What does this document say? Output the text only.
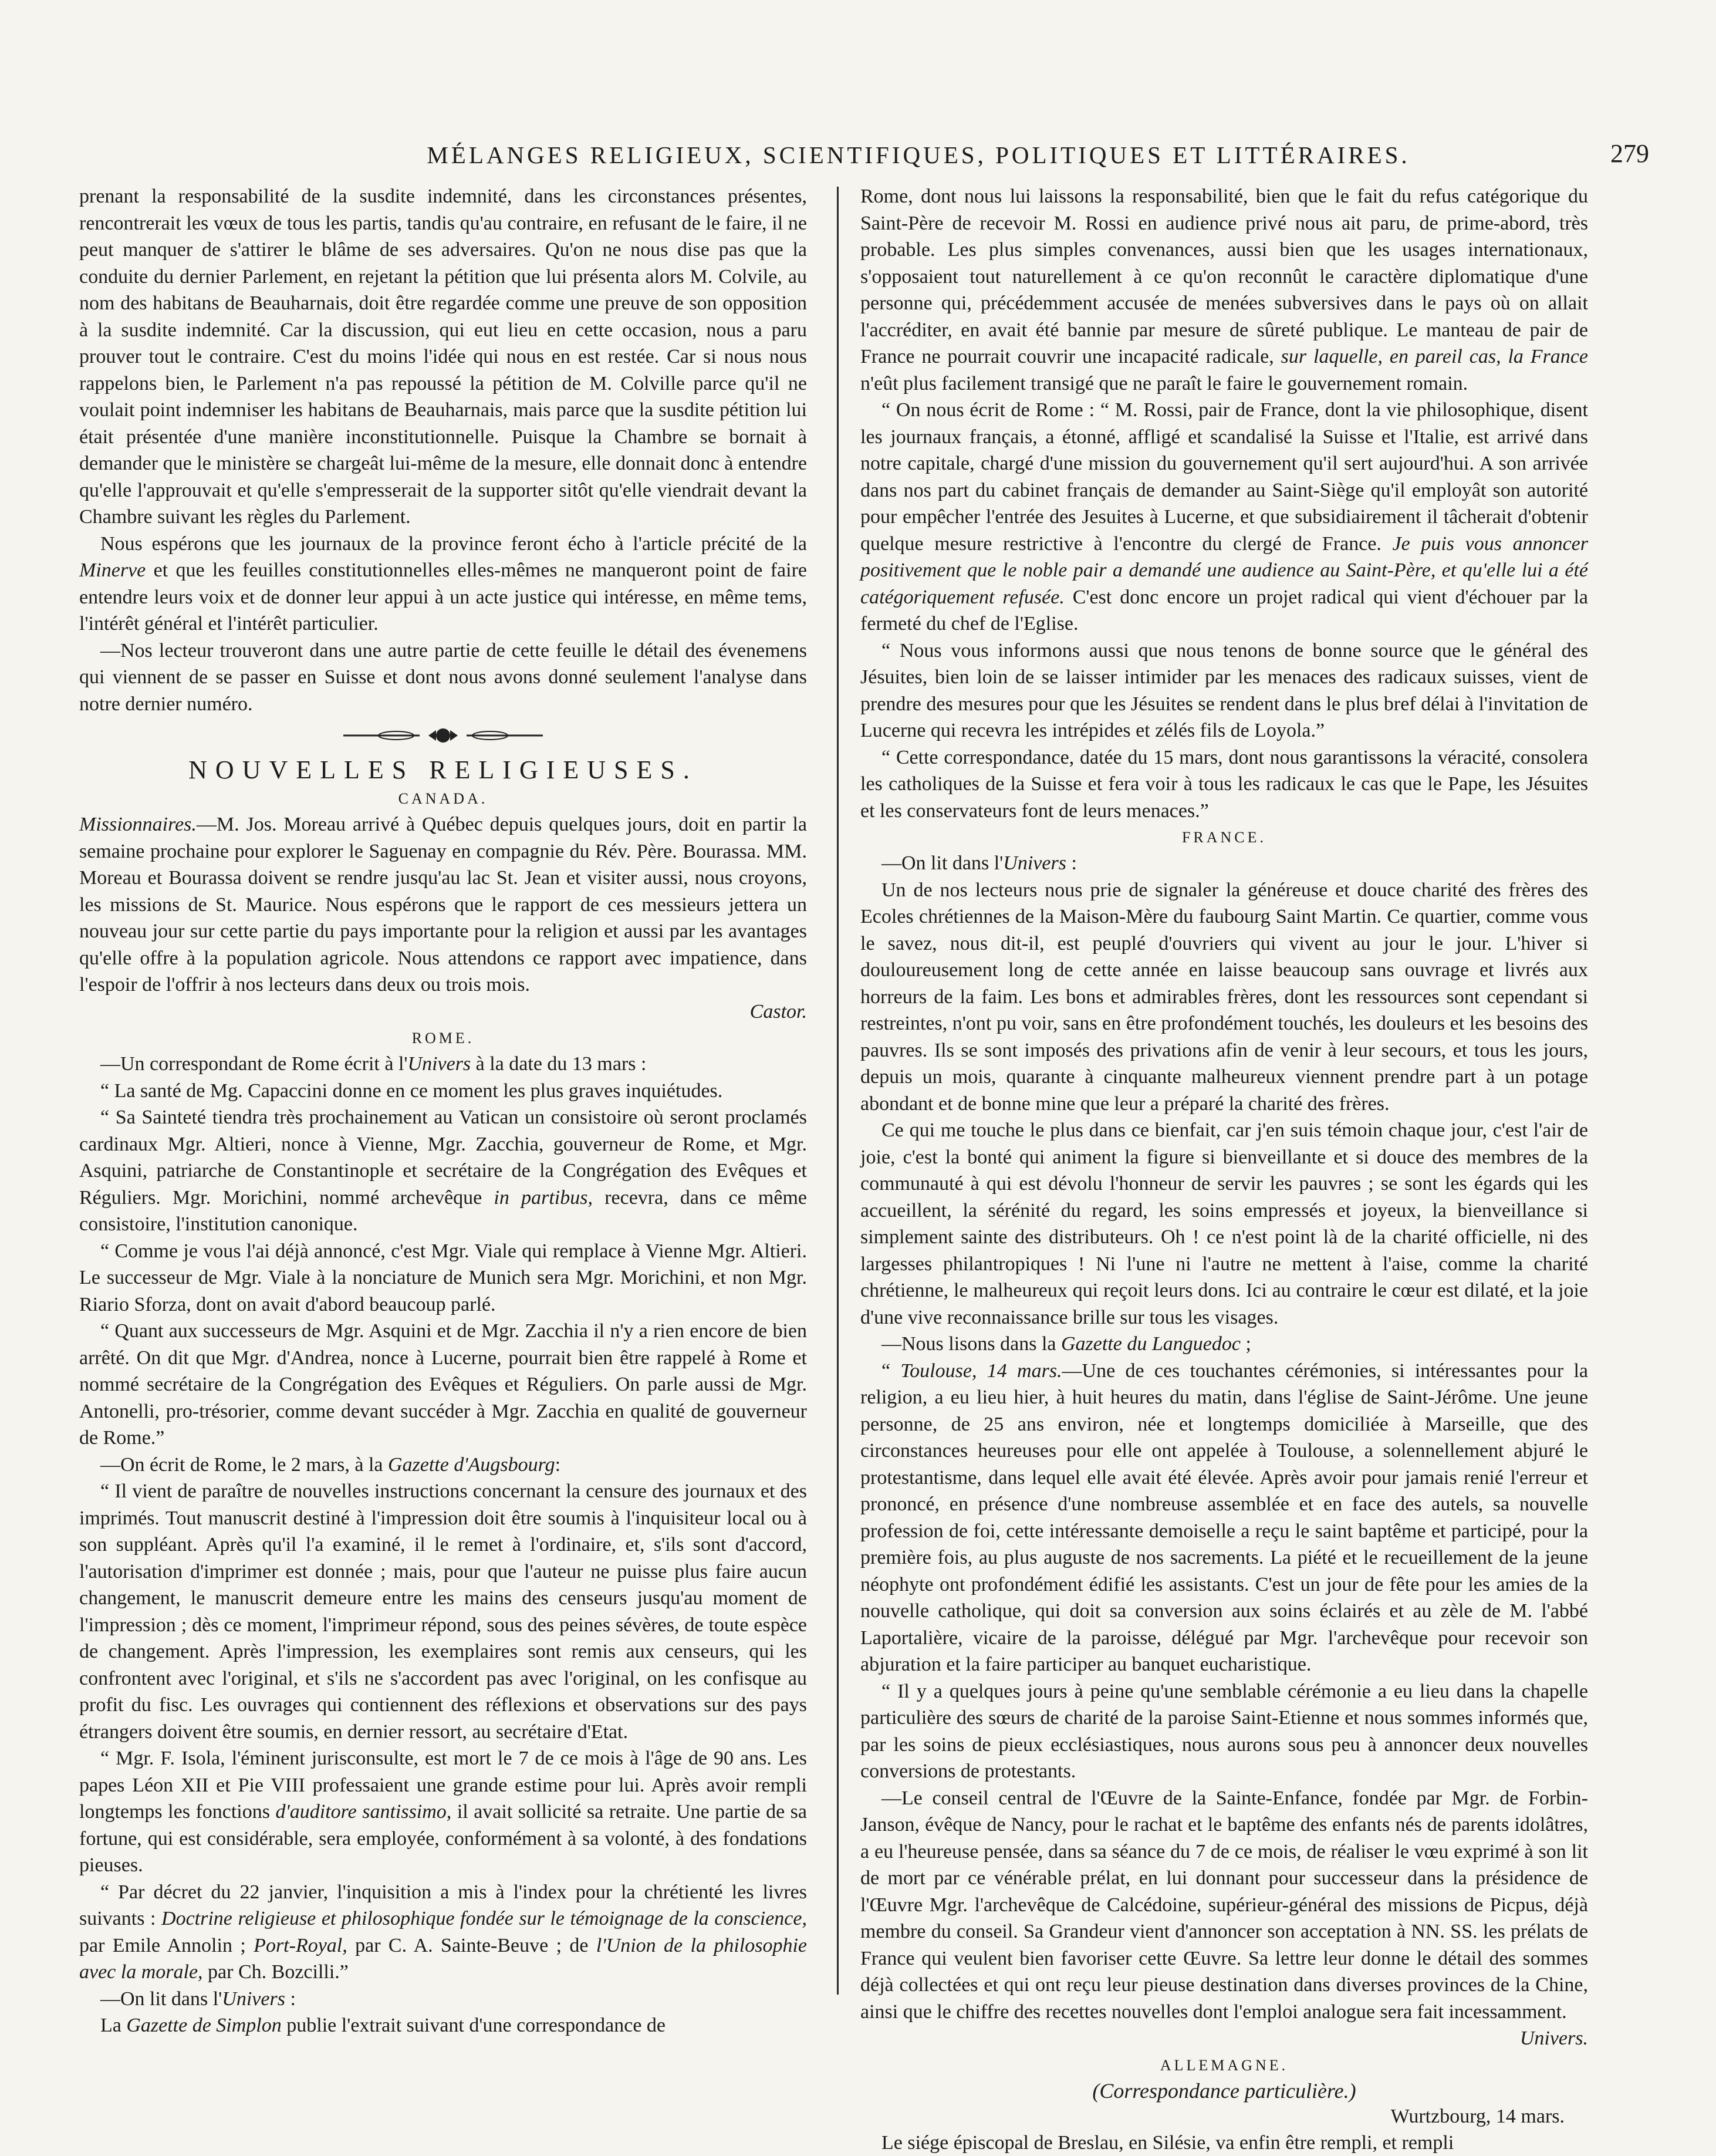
MÉLANGES RELIGIEUX, SCIENTIFIQUES, POLITIQUES ET LITTÉRAIRES.	279

prenant la responsabilité de la susdite indemnité, dans les circonstances présentes, rencontrerait les vœux de tous les partis, tandis qu'au contraire, en refusant de le faire, il ne peut manquer de s'attirer le blâme de ses adversaires. Qu'on ne nous dise pas que la conduite du dernier Parlement, en rejetant la pétition que lui présenta alors M. Colvile, au nom des habitans de Beauharnais, doit être regardée comme une preuve de son opposition à la susdite indemnité. Car la discussion, qui eut lieu en cette occasion, nous a paru prouver tout le contraire. C'est du moins l'idée qui nous en est restée. Car si nous nous rappelons bien, le Parlement n'a pas repoussé la pétition de M. Colville parce qu'il ne voulait point indemniser les habitans de Beauharnais, mais parce que la susdite pétition lui était présentée d'une manière inconstitutionnelle. Puisque la Chambre se bornait à demander que le ministère se chargeât lui-même de la mesure, elle donnait donc à entendre qu'elle l'approuvait et qu'elle s'empresserait de la supporter sitôt qu'elle viendrait devant la Chambre suivant les règles du Parlement.

Nous espérons que les journaux de la province feront écho à l'article précité de la Minerve et que les feuilles constitutionnelles elles-mêmes ne manqueront point de faire entendre leurs voix et de donner leur appui à un acte justice qui intéresse, en même tems, l'intérêt général et l'intérêt particulier.

—Nos lecteur trouveront dans une autre partie de cette feuille le détail des évenemens qui viennent de se passer en Suisse et dont nous avons donné seulement l'analyse dans notre dernier numéro.

NOUVELLES RELIGIEUSES.
CANADA.

Missionnaires.—M. Jos. Moreau arrivé à Québec depuis quelques jours, doit en partir la semaine prochaine pour explorer le Saguenay en compagnie du Rév. Père. Bourassa. MM. Moreau et Bourassa doivent se rendre jusqu'au lac St. Jean et visiter aussi, nous croyons, les missions de St. Maurice. Nous espérons que le rapport de ces messieurs jettera un nouveau jour sur cette partie du pays importante pour la religion et aussi par les avantages qu'elle offre à la population agricole. Nous attendons ce rapport avec impatience, dans l'espoir de l'offrir à nos lecteurs dans deux ou trois mois.

Castor.

ROME.

—Un correspondant de Rome écrit à l'Univers à la date du 13 mars :

“ La santé de Mg. Capaccini donne en ce moment les plus graves inquiétudes.

“ Sa Sainteté tiendra très prochainement au Vatican un consistoire où seront proclamés cardinaux Mgr. Altieri, nonce à Vienne, Mgr. Zacchia, gouverneur de Rome, et Mgr. Asquini, patriarche de Constantinople et secrétaire de la Congrégation des Evêques et Réguliers. Mgr. Morichini, nommé archevêque in partibus, recevra, dans ce même consistoire, l'institution canonique.

“ Comme je vous l'ai déjà annoncé, c'est Mgr. Viale qui remplace à Vienne Mgr. Altieri. Le successeur de Mgr. Viale à la nonciature de Munich sera Mgr. Morichini, et non Mgr. Riario Sforza, dont on avait d'abord beaucoup parlé.

“ Quant aux successeurs de Mgr. Asquini et de Mgr. Zacchia il n'y a rien encore de bien arrêté. On dit que Mgr. d'Andrea, nonce à Lucerne, pourrait bien être rappelé à Rome et nommé secrétaire de la Congrégation des Evêques et Réguliers. On parle aussi de Mgr. Antonelli, pro-trésorier, comme devant succéder à Mgr. Zacchia en qualité de gouverneur de Rome.”

—On écrit de Rome, le 2 mars, à la Gazette d'Augsbourg:

“ Il vient de paraître de nouvelles instructions concernant la censure des journaux et des imprimés. Tout manuscrit destiné à l'impression doit être soumis à l'inquisiteur local ou à son suppléant. Après qu'il l'a examiné, il le remet à l'ordinaire, et, s'ils sont d'accord, l'autorisation d'imprimer est donnée ; mais, pour que l'auteur ne puisse plus faire aucun changement, le manuscrit demeure entre les mains des censeurs jusqu'au moment de l'impression ; dès ce moment, l'imprimeur répond, sous des peines sévères, de toute espèce de changement. Après l'impression, les exemplaires sont remis aux censeurs, qui les confrontent avec l'original, et s'ils ne s'accordent pas avec l'original, on les confisque au profit du fisc. Les ouvrages qui contiennent des réflexions et observations sur des pays étrangers doivent être soumis, en dernier ressort, au secrétaire d'Etat.

“ Mgr. F. Isola, l'éminent jurisconsulte, est mort le 7 de ce mois à l'âge de 90 ans. Les papes Léon XII et Pie VIII professaient une grande estime pour lui. Après avoir rempli longtemps les fonctions d'auditore santissimo, il avait sollicité sa retraite. Une partie de sa fortune, qui est considérable, sera employée, conformément à sa volonté, à des fondations pieuses.

“ Par décret du 22 janvier, l'inquisition a mis à l'index pour la chrétienté les livres suivants : Doctrine religieuse et philosophique fondée sur le témoignage de la conscience, par Emile Annolin ; Port-Royal, par C. A. Sainte-Beuve ; de l'Union de la philosophie avec la morale, par Ch. Bozcilli.”

—On lit dans l'Univers :

La Gazette de Simplon publie l'extrait suivant d'une correspondance de

Rome, dont nous lui laissons la responsabilité, bien que le fait du refus catégorique du Saint-Père de recevoir M. Rossi en audience privé nous ait paru, de prime-abord, très probable. Les plus simples convenances, aussi bien que les usages internationaux, s'opposaient tout naturellement à ce qu'on reconnût le caractère diplomatique d'une personne qui, précédemment accusée de menées subversives dans le pays où on allait l'accréditer, en avait été bannie par mesure de sûreté publique. Le manteau de pair de France ne pourrait couvrir une incapacité radicale, sur laquelle, en pareil cas, la France n'eût plus facilement transigé que ne paraît le faire le gouvernement romain.

“ On nous écrit de Rome : “ M. Rossi, pair de France, dont la vie philosophique, disent les journaux français, a étonné, affligé et scandalisé la Suisse et l'Italie, est arrivé dans notre capitale, chargé d'une mission du gouvernement qu'il sert aujourd'hui. A son arrivée dans nos part du cabinet français de demander au Saint-Siège qu'il employât son autorité pour empêcher l'entrée des Jesuites à Lucerne, et que subsidiairement il tâcherait d'obtenir quelque mesure restrictive à l'encontre du clergé de France. Je puis vous annoncer positivement que le noble pair a demandé une audience au Saint-Père, et qu'elle lui a été catégoriquement refusée. C'est donc encore un projet radical qui vient d'échouer par la fermeté du chef de l'Eglise.

“ Nous vous informons aussi que nous tenons de bonne source que le général des Jésuites, bien loin de se laisser intimider par les menaces des radicaux suisses, vient de prendre des mesures pour que les Jésuites se rendent dans le plus bref délai à l'invitation de Lucerne qui recevra les intrépides et zélés fils de Loyola.”

“ Cette correspondance, datée du 15 mars, dont nous garantissons la véracité, consolera les catholiques de la Suisse et fera voir à tous les radicaux le cas que le Pape, les Jésuites et les conservateurs font de leurs menaces.”

FRANCE.

—On lit dans l'Univers :

Un de nos lecteurs nous prie de signaler la généreuse et douce charité des frères des Ecoles chrétiennes de la Maison-Mère du faubourg Saint Martin. Ce quartier, comme vous le savez, nous dit-il, est peuplé d'ouvriers qui vivent au jour le jour. L'hiver si douloureusement long de cette année en laisse beaucoup sans ouvrage et livrés aux horreurs de la faim. Les bons et admirables frères, dont les ressources sont cependant si restreintes, n'ont pu voir, sans en être profondément touchés, les douleurs et les besoins des pauvres. Ils se sont imposés des privations afin de venir à leur secours, et tous les jours, depuis un mois, quarante à cinquante malheureux viennent prendre part à un potage abondant et de bonne mine que leur a préparé la charité des frères.

Ce qui me touche le plus dans ce bienfait, car j'en suis témoin chaque jour, c'est l'air de joie, c'est la bonté qui animent la figure si bienveillante et si douce des membres de la communauté à qui est dévolu l'honneur de servir les pauvres ; se sont les égards qui les accueillent, la sérénité du regard, les soins empressés et joyeux, la bienveillance si simplement sainte des distributeurs. Oh ! ce n'est point là de la charité officielle, ni des largesses philantropiques ! Ni l'une ni l'autre ne mettent à l'aise, comme la charité chrétienne, le malheureux qui reçoit leurs dons. Ici au contraire le cœur est dilaté, et la joie d'une vive reconnaissance brille sur tous les visages.

—Nous lisons dans la Gazette du Languedoc ;

“ Toulouse, 14 mars.—Une de ces touchantes cérémonies, si intéressantes pour la religion, a eu lieu hier, à huit heures du matin, dans l'église de Saint-Jérôme. Une jeune personne, de 25 ans environ, née et longtemps domiciliée à Marseille, que des circonstances heureuses pour elle ont appelée à Toulouse, a solennellement abjuré le protestantisme, dans lequel elle avait été élevée. Après avoir pour jamais renié l'erreur et prononcé, en présence d'une nombreuse assemblée et en face des autels, sa nouvelle profession de foi, cette intéressante demoiselle a reçu le saint baptême et participé, pour la première fois, au plus auguste de nos sacrements. La piété et le recueillement de la jeune néophyte ont profondément édifié les assistants. C'est un jour de fête pour les amies de la nouvelle catholique, qui doit sa conversion aux soins éclairés et au zèle de M. l'abbé Laportalière, vicaire de la paroisse, délégué par Mgr. l'archevêque pour recevoir son abjuration et la faire participer au banquet eucharistique.

“ Il y a quelques jours à peine qu'une semblable cérémonie a eu lieu dans la chapelle particulière des sœurs de charité de la paroise Saint-Etienne et nous sommes informés que, par les soins de pieux ecclésiastiques, nous aurons sous peu à annoncer deux nouvelles conversions de protestants.

—Le conseil central de l'Œuvre de la Sainte-Enfance, fondée par Mgr. de Forbin-Janson, évêque de Nancy, pour le rachat et le baptême des enfants nés de parents idolâtres, a eu l'heureuse pensée, dans sa séance du 7 de ce mois, de réaliser le vœu exprimé à son lit de mort par ce vénérable prélat, en lui donnant pour successeur dans la présidence de l'Œuvre Mgr. l'archevêque de Calcédoine, supérieur-général des missions de Picpus, déjà membre du conseil. Sa Grandeur vient d'annoncer son acceptation à NN. SS. les prélats de France qui veulent bien favoriser cette Œuvre. Sa lettre leur donne le détail des sommes déjà collectées et qui ont reçu leur pieuse destination dans diverses provinces de la Chine, ainsi que le chiffre des recettes nouvelles dont l'emploi analogue sera fait incessamment.

Univers.

ALLEMAGNE.
(Correspondance particulière.)
Wurtzbourg, 14 mars.

Le siége épiscopal de Breslau, en Silésie, va enfin être rempli, et rempli
